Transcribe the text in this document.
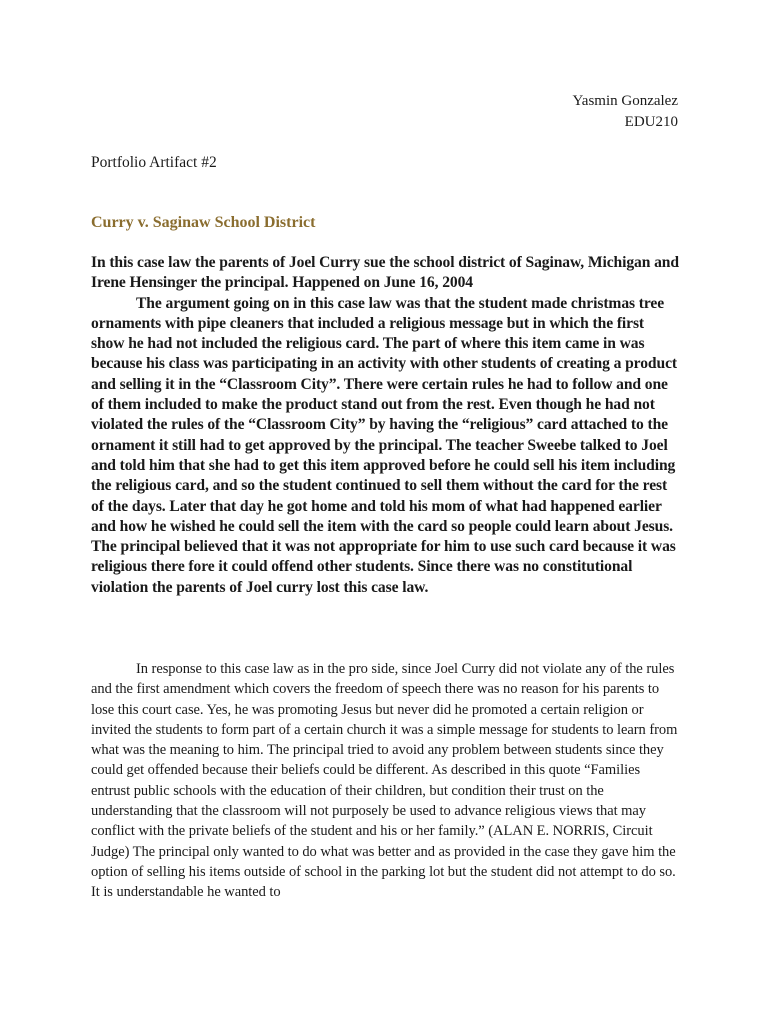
Yasmin Gonzalez
EDU210
Portfolio Artifact #2
Curry v. Saginaw School District

In this case law the parents of Joel Curry sue the school district of Saginaw, Michigan and Irene Hensinger the principal. Happened on June 16, 2004

The argument going on in this case law was that the student made christmas tree ornaments with pipe cleaners that included a religious message but in which the first show he had not included the religious card. The part of where this item came in was because his class was participating in an activity with other students of creating a product and selling it in the “Classroom City”. There were certain rules he had to follow and one of them included to make the product stand out from the rest. Even though he had not violated the rules of the “Classroom City” by having the “religious” card attached to the ornament it still had to get approved by the principal. The teacher Sweebe talked to Joel and told him that she had to get this item approved before he could sell his item including the religious card, and so the student continued to sell them without the card for the rest of the days. Later that day he got home and told his mom of what had happened earlier and how he wished he could sell the item with the card so people could learn about Jesus. The principal believed that it was not appropriate for him to use such card because it was religious there fore it could offend other students. Since there was no constitutional violation the parents of Joel curry lost this case law.

In response to this case law as in the pro side, since Joel Curry did not violate any of the rules and the first amendment which covers the freedom of speech there was no reason for his parents to lose this court case. Yes, he was promoting Jesus but never did he promoted a certain religion or invited the students to form part of a certain church it was a simple message for students to learn from what was the meaning to him. The principal tried to avoid any problem between students since they could get offended because their beliefs could be different. As described in this quote “Families entrust public schools with the education of their children, but condition their trust on the understanding that the classroom will not purposely be used to advance religious views that may conflict with the private beliefs of the student and his or her family.” (ALAN E. NORRIS, Circuit Judge) The principal only wanted to do what was better and as provided in the case they gave him the option of selling his items outside of school in the parking lot but the student did not attempt to do so. It is understandable he wanted to
